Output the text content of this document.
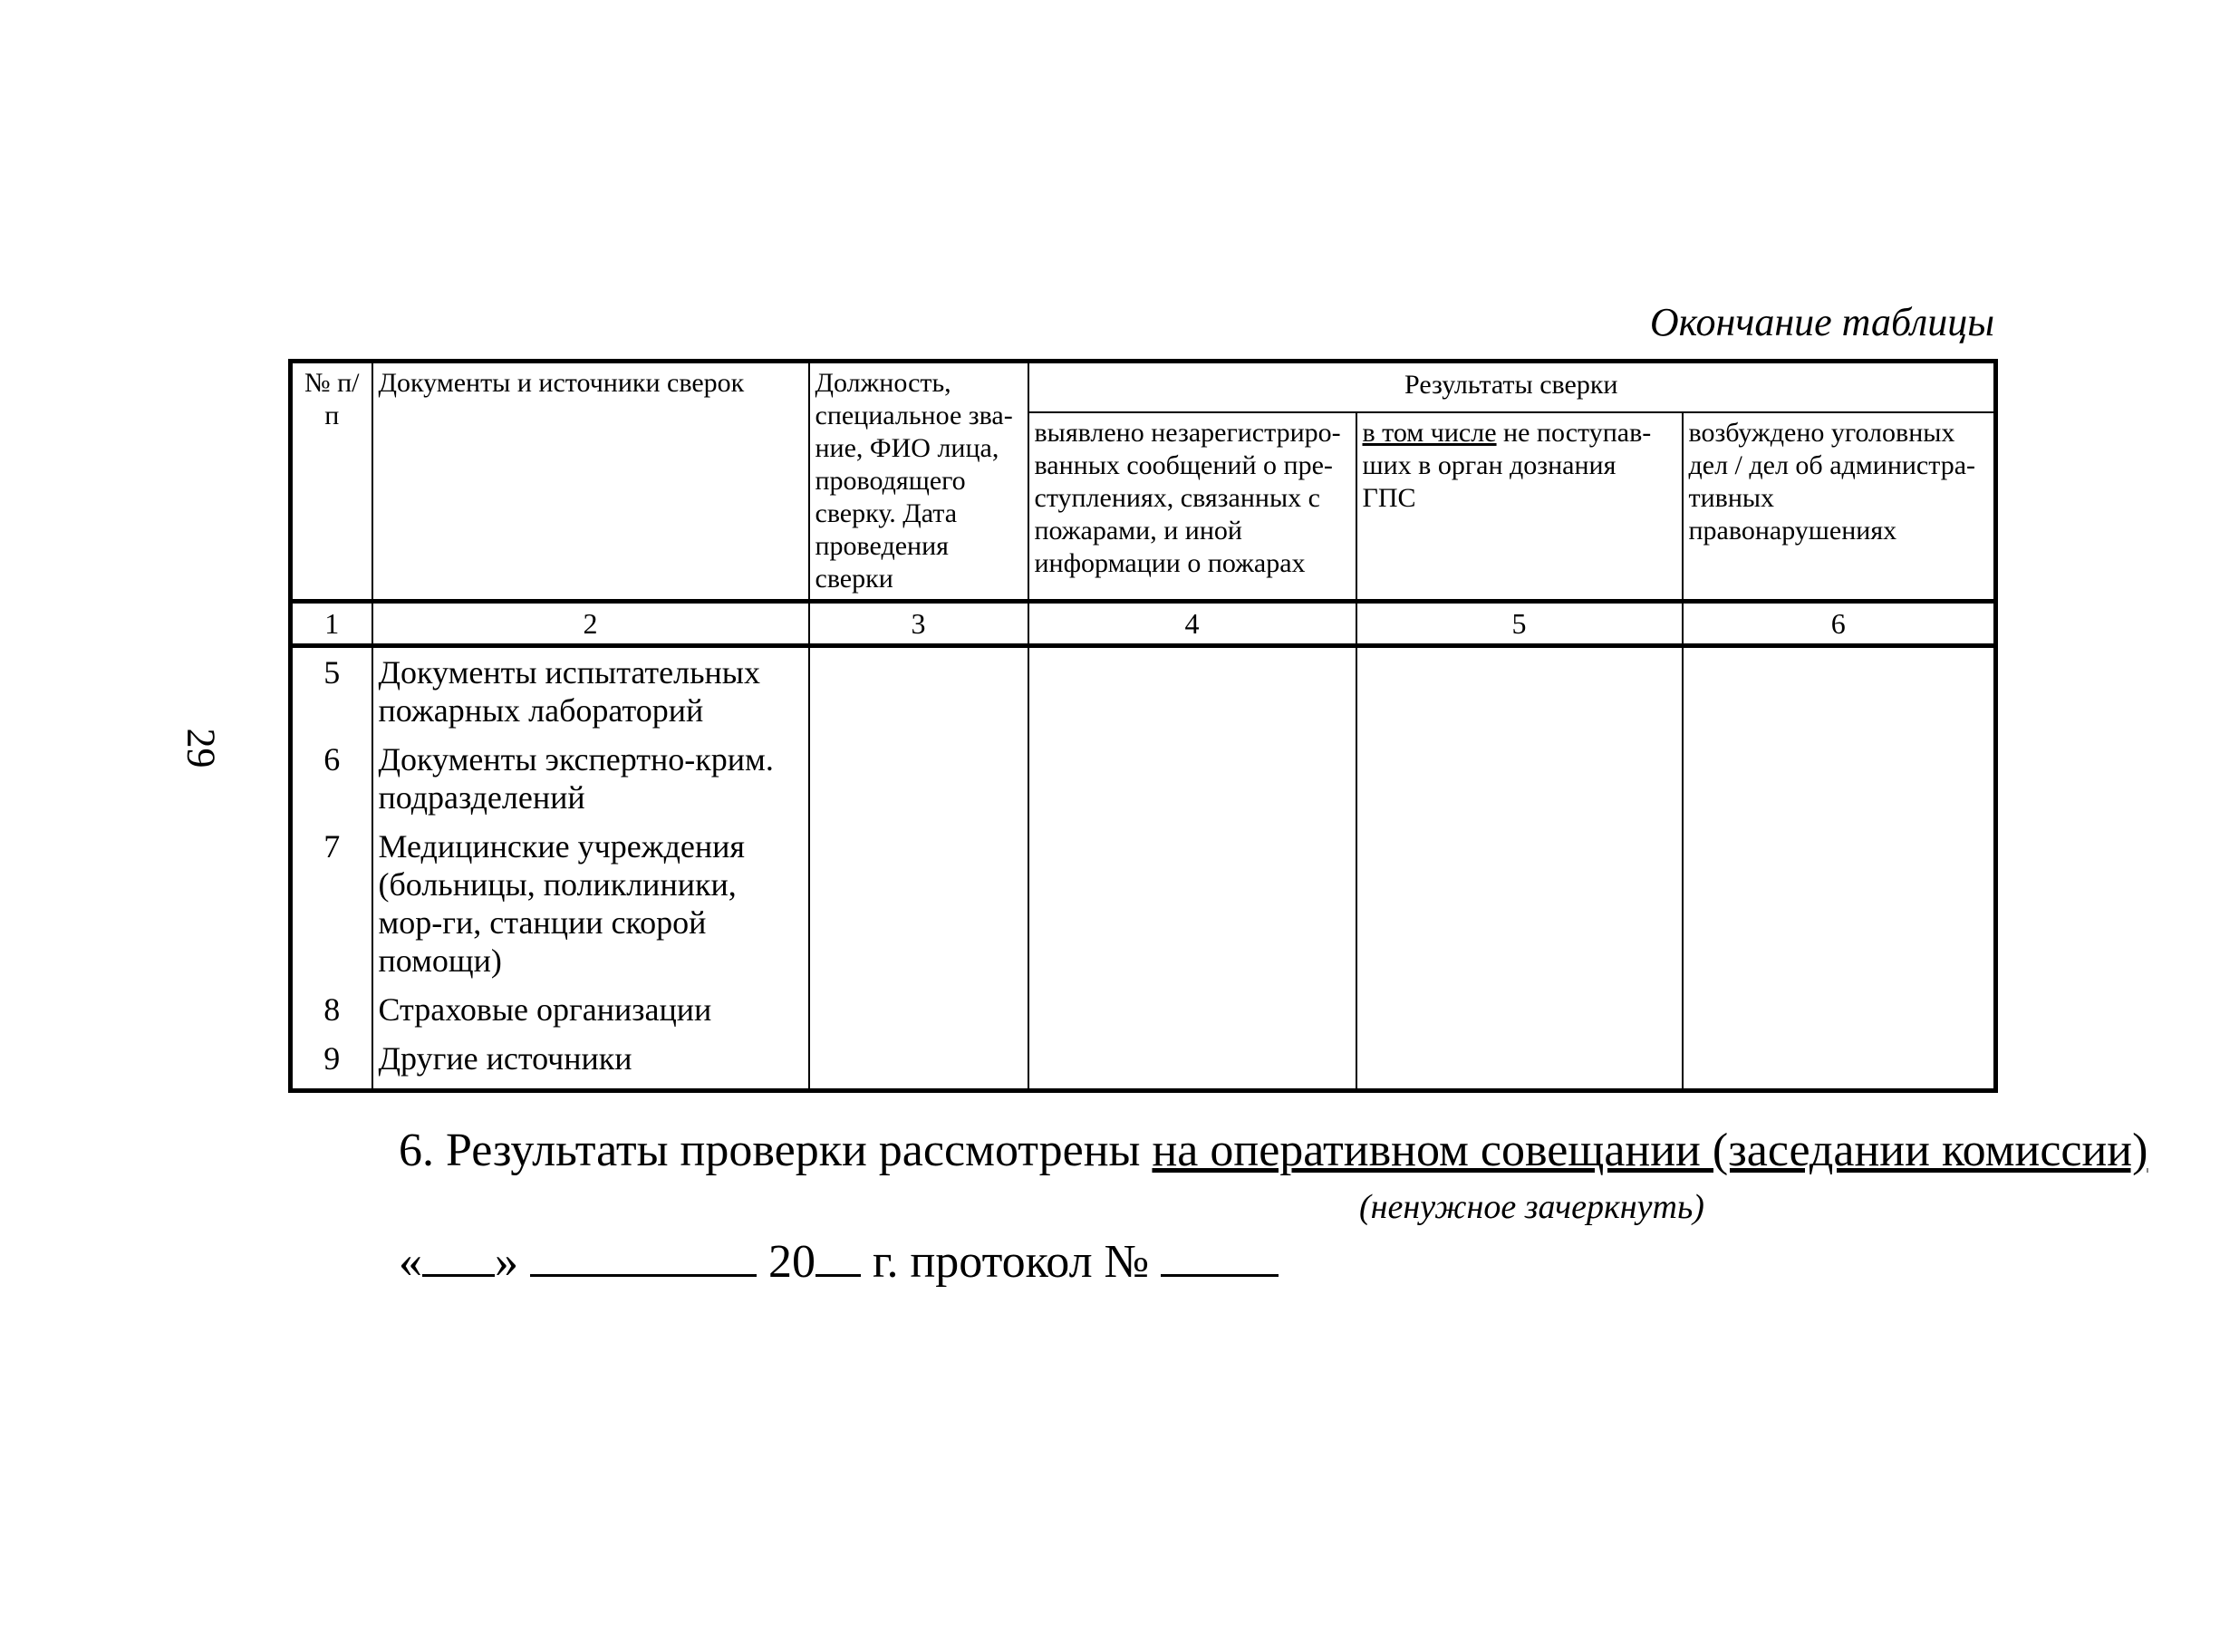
29
Окончание таблицы
№ п/п	Документы и источники сверок	Должность, специальное зва-ние, ФИО лица, проводящего сверку. Дата проведения сверки	Результаты сверки		
			выявлено незарегистриро-ванных сообщений о пре-ступлениях, связанных с пожарами, и иной информации о пожарах	в том числе не поступав-ших в орган дознания ГПС	возбуждено уголовных дел / дел об администра-тивных правонарушениях
1	2	3	4	5	6
5	Документы испытательных пожарных лабораторий				
6	Документы экспертно-крим. подразделений				
7	Медицинские учреждения (больницы, поликлиники, мор-ги, станции скорой помощи)				
8	Страховые организации				
9	Другие источники				
6. Результаты проверки рассмотрены на оперативном совещании (заседании комиссии)
(ненужное зачеркнуть)
« »	20 г. протокол №
